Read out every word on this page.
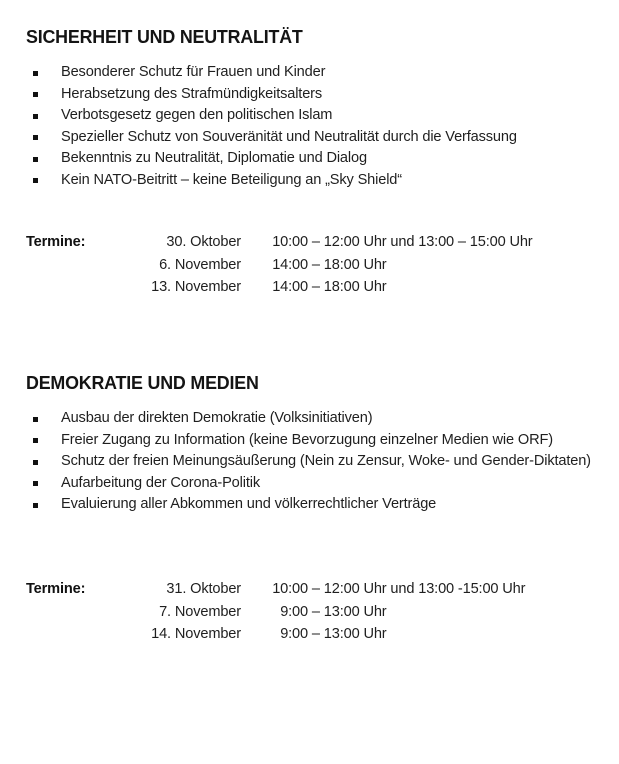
SICHERHEIT UND NEUTRALITÄT
Besonderer Schutz für Frauen und Kinder
Herabsetzung des Strafmündigkeitsalters
Verbotsgesetz gegen den politischen Islam
Spezieller Schutz von Souveränität und Neutralität durch die Verfassung
Bekenntnis zu Neutralität, Diplomatie und Dialog
Kein NATO-Beitritt – keine Beteiligung an „Sky Shield“
Termine:	30. Oktober	10:00 – 12:00 Uhr und 13:00 – 15:00 Uhr
	6. November	14:00 – 18:00 Uhr
	13. November	14:00 – 18:00 Uhr
DEMOKRATIE UND MEDIEN
Ausbau der direkten Demokratie (Volksinitiativen)
Freier Zugang zu Information (keine Bevorzugung einzelner Medien wie ORF)
Schutz der freien Meinungsäußerung (Nein zu Zensur, Woke- und Gender-Diktaten)
Aufarbeitung der Corona-Politik
Evaluierung aller Abkommen und völkerrechtlicher Verträge
Termine:	31. Oktober	10:00 – 12:00 Uhr und 13:00 -15:00 Uhr
	7. November	9:00 – 13:00 Uhr
	14. November	9:00 – 13:00 Uhr
